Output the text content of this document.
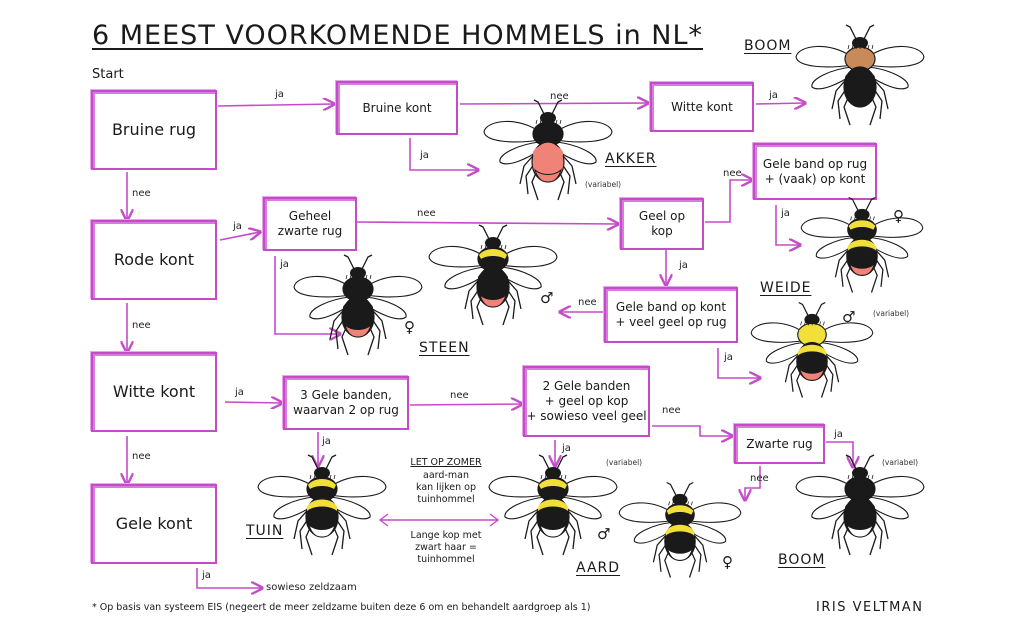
6 MEEST VOORKOMENDE HOMMELS in NL*
Start
Bruine rug
Rode kont
Witte kont
Gele kont
Bruine kont	Witte kont
Geheel
zwarte rug
Geel op
kop
Gele band op rug
+ (vaak) op kont
Gele band op kont
+ veel geel op rug
3 Gele banden,
waarvan 2 op rug
2 Gele banden
+ geel op kop
+ sowieso veel geel
Zwarte rug
ja	nee	ja
ja
nee
ja
nee
nee
ja
ja
ja
nee
ja
nee
ja	nee
nee
ja
nee
ja
ja
nee
ja
sowieso zeldzaam
BOOM
AKKER
WEIDE
STEEN
TUIN
AARD	BOOM
(variabel)
(variabel)
(variabel)	(variabel)
♀
♂
♂
♀
♂
♀
LET OP ZOMER
aard-man
kan lijken op
tuinhommel
Lange kop met
zwart haar =
tuinhommel
* Op basis van systeem EIS (negeert de meer zeldzame buiten deze 6 om en behandelt aardgroep als 1)	IRIS VELTMAN
